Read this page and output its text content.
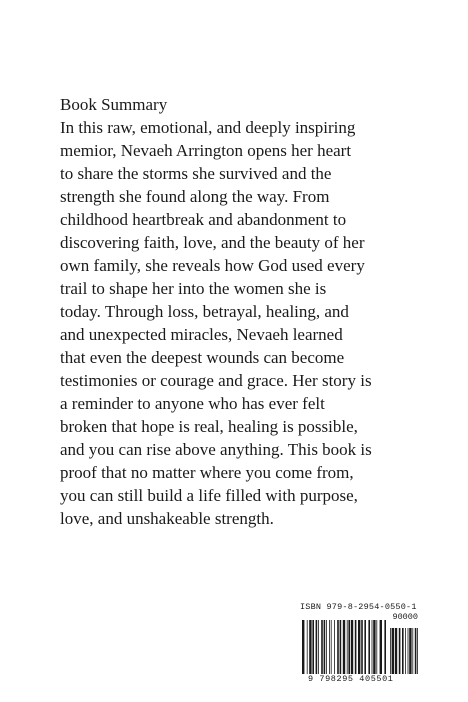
Book Summary

In this raw, emotional, and deeply inspiring
memior, Nevaeh Arrington opens her heart
to share the storms she survived and the
strength she found along the way. From
childhood heartbreak and abandonment to
discovering faith, love, and the beauty of her
own family, she reveals how God used every
trail to shape her into the women she is
today. Through loss, betrayal, healing, and
and unexpected miracles, Nevaeh learned
that even the deepest wounds can become
testimonies or courage and grace. Her story is
a reminder to anyone who has ever felt
broken that hope is real, healing is possible,
and you can rise above anything. This book is
proof that no matter where you come from,
you can still build a life filled with purpose,
love, and unshakeable strength.

ISBN 979-8-2954-0550-1
90000
9 798295 405501
